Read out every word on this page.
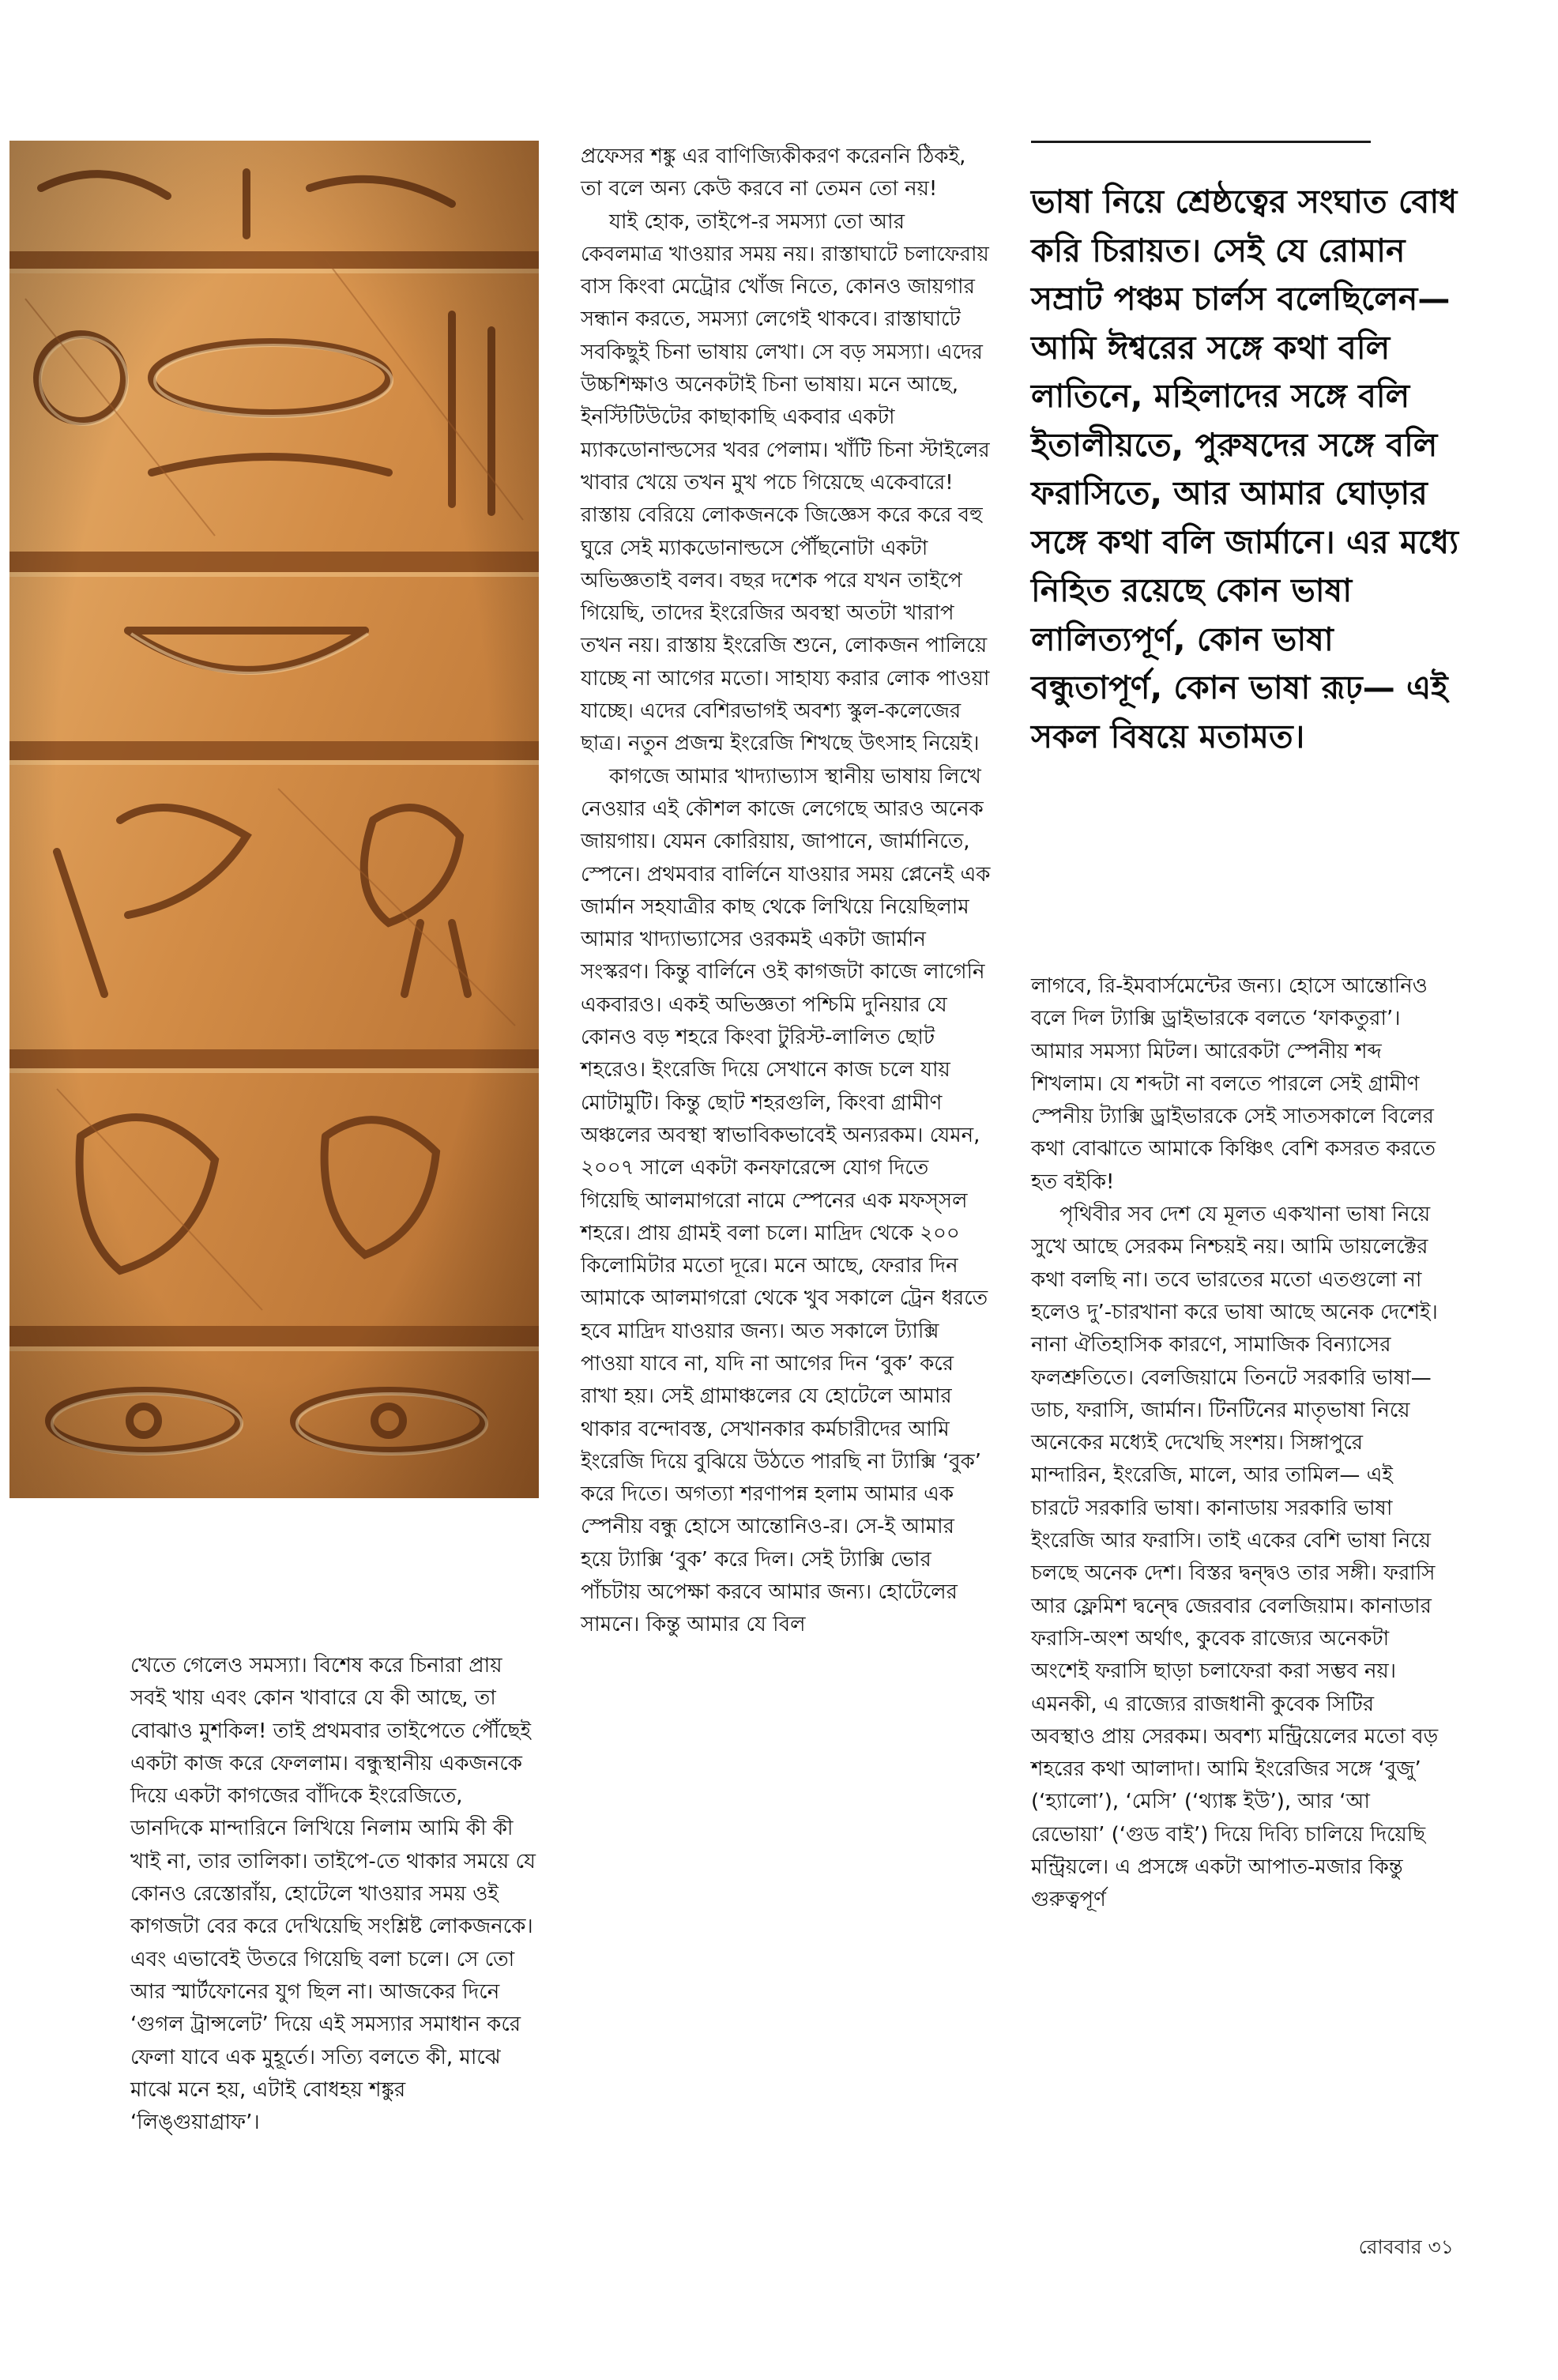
খেতে গেলেও সমস্যা। বিশেষ করে চিনারা প্রায় সবই খায় এবং কোন খাবারে যে কী আছে, তা বোঝাও মুশকিল! তাই প্রথমবার তাইপেতে পৌঁছেই একটা কাজ করে ফেললাম। বন্ধুস্থানীয় একজনকে দিয়ে একটা কাগজের বাঁদিকে ইংরেজিতে, ডানদিকে মান্দারিনে লিখিয়ে নিলাম আমি কী কী খাই না, তার তালিকা। তাইপে-তে থাকার সময়ে যে কোনও রেস্তোরাঁয়, হোটেলে খাওয়ার সময় ওই কাগজটা বের করে দেখিয়েছি সংশ্লিষ্ট লোকজনকে। এবং এভাবেই উতরে গিয়েছি বলা চলে। সে তো আর স্মার্টফোনের যুগ ছিল না। আজকের দিনে ‘গুগল ট্রান্সলেট’ দিয়ে এই সমস্যার সমাধান করে ফেলা যাবে এক মুহূর্তে। সত্যি বলতে কী, মাঝে মাঝে মনে হয়, এটাই বোধহয় শঙ্কুর ‘লিঙ্গুয়াগ্রাফ’।

প্রফেসর শঙ্কু এর বাণিজ্যিকীকরণ করেননি ঠিকই, তা বলে অন্য কেউ করবে না তেমন তো নয়!

যাই হোক, তাইপে-র সমস্যা তো আর কেবলমাত্র খাওয়ার সময় নয়। রাস্তাঘাটে চলাফেরায় বাস কিংবা মেট্রোর খোঁজ নিতে, কোনও জায়গার সন্ধান করতে, সমস্যা লেগেই থাকবে। রাস্তাঘাটে সবকিছুই চিনা ভাষায় লেখা। সে বড় সমস্যা। এদের উচ্চশিক্ষাও অনেকটাই চিনা ভাষায়। মনে আছে, ইনস্টিটিউটের কাছাকাছি একবার একটা ম্যাকডোনাল্ডসের খবর পেলাম। খাঁটি চিনা স্টাইলের খাবার খেয়ে তখন মুখ পচে গিয়েছে একেবারে! রাস্তায় বেরিয়ে লোকজনকে জিজ্ঞেস করে করে বহু ঘুরে সেই ম্যাকডোনাল্ডসে পৌঁছনোটা একটা অভিজ্ঞতাই বলব। বছর দশেক পরে যখন তাইপে গিয়েছি, তাদের ইংরেজির অবস্থা অতটা খারাপ তখন নয়। রাস্তায় ইংরেজি শুনে, লোকজন পালিয়ে যাচ্ছে না আগের মতো। সাহায্য করার লোক পাওয়া যাচ্ছে। এদের বেশিরভাগই অবশ্য স্কুল-কলেজের ছাত্র। নতুন প্রজন্ম ইংরেজি শিখছে উৎসাহ নিয়েই।

কাগজে আমার খাদ্যাভ্যাস স্থানীয় ভাষায় লিখে নেওয়ার এই কৌশল কাজে লেগেছে আরও অনেক জায়গায়। যেমন কোরিয়ায়, জাপানে, জার্মানিতে, স্পেনে। প্রথমবার বার্লিনে যাওয়ার সময় প্লেনেই এক জার্মান সহযাত্রীর কাছ থেকে লিখিয়ে নিয়েছিলাম আমার খাদ্যাভ্যাসের ওরকমই একটা জার্মান সংস্করণ। কিন্তু বার্লিনে ওই কাগজটা কাজে লাগেনি একবারও। একই অভিজ্ঞতা পশ্চিমি দুনিয়ার যে কোনও বড় শহরে কিংবা টুরিস্ট-লালিত ছোট শহরেও। ইংরেজি দিয়ে সেখানে কাজ চলে যায় মোটামুটি। কিন্তু ছোট শহরগুলি, কিংবা গ্রামীণ অঞ্চলের অবস্থা স্বাভাবিকভাবেই অন্যরকম। যেমন, ২০০৭ সালে একটা কনফারেন্সে যোগ দিতে গিয়েছি আলমাগরো নামে স্পেনের এক মফস্সল শহরে। প্রায় গ্রামই বলা চলে। মাদ্রিদ থেকে ২০০ কিলোমিটার মতো দূরে। মনে আছে, ফেরার দিন আমাকে আলমাগরো থেকে খুব সকালে ট্রেন ধরতে হবে মাদ্রিদ যাওয়ার জন্য। অত সকালে ট্যাক্সি পাওয়া যাবে না, যদি না আগের দিন ‘বুক’ করে রাখা হয়। সেই গ্রামাঞ্চলের যে হোটেলে আমার থাকার বন্দোবস্ত, সেখানকার কর্মচারীদের আমি ইংরেজি দিয়ে বুঝিয়ে উঠতে পারছি না ট্যাক্সি ‘বুক’ করে দিতে। অগত্যা শরণাপন্ন হলাম আমার এক স্পেনীয় বন্ধু হোসে আন্তোনিও-র। সে-ই আমার হয়ে ট্যাক্সি ‘বুক’ করে দিল। সেই ট্যাক্সি ভোর পাঁচটায় অপেক্ষা করবে আমার জন্য। হোটেলের সামনে। কিন্তু আমার যে বিল

ভাষা নিয়ে শ্রেষ্ঠত্বের সংঘাত বোধ করি চিরায়ত। সেই যে রোমান সম্রাট পঞ্চম চার্লস বলেছিলেন— আমি ঈশ্বরের সঙ্গে কথা বলি লাতিনে, মহিলাদের সঙ্গে বলি ইতালীয়তে, পুরুষদের সঙ্গে বলি ফরাসিতে, আর আমার ঘোড়ার সঙ্গে কথা বলি জার্মানে। এর মধ্যে নিহিত রয়েছে কোন ভাষা লালিত্যপূর্ণ, কোন ভাষা বন্ধুতাপূর্ণ, কোন ভাষা রূঢ়— এই সকল বিষয়ে মতামত।

লাগবে, রি-ইমবার্সমেন্টের জন্য। হোসে আন্তোনিও বলে দিল ট্যাক্সি ড্রাইভারকে বলতে ‘ফাকতুরা’। আমার সমস্যা মিটল। আরেকটা স্পেনীয় শব্দ শিখলাম। যে শব্দটা না বলতে পারলে সেই গ্রামীণ স্পেনীয় ট্যাক্সি ড্রাইভারকে সেই সাতসকালে বিলের কথা বোঝাতে আমাকে কিঞ্চিৎ বেশি কসরত করতে হত বইকি!

পৃথিবীর সব দেশ যে মূলত একখানা ভাষা নিয়ে সুখে আছে সেরকম নিশ্চয়ই নয়। আমি ডায়লেক্টের কথা বলছি না। তবে ভারতের মতো এতগুলো না হলেও দু’-চারখানা করে ভাষা আছে অনেক দেশেই। নানা ঐতিহাসিক কারণে, সামাজিক বিন্যাসের ফলশ্রুতিতে। বেলজিয়ামে তিনটে সরকারি ভাষা— ডাচ, ফরাসি, জার্মান। টিনটিনের মাতৃভাষা নিয়ে অনেকের মধ্যেই দেখেছি সংশয়। সিঙ্গাপুরে মান্দারিন, ইংরেজি, মালে, আর তামিল— এই চারটে সরকারি ভাষা। কানাডায় সরকারি ভাষা ইংরেজি আর ফরাসি। তাই একের বেশি ভাষা নিয়ে চলছে অনেক দেশ। বিস্তর দ্বন্দ্বও তার সঙ্গী। ফরাসি আর ফ্লেমিশ দ্বন্দ্বে জেরবার বেলজিয়াম। কানাডার ফরাসি-অংশ অর্থাৎ, কুবেক রাজ্যের অনেকটা অংশেই ফরাসি ছাড়া চলাফেরা করা সম্ভব নয়। এমনকী, এ রাজ্যের রাজধানী কুবেক সিটির অবস্থাও প্রায় সেরকম। অবশ্য মন্ট্রিয়েলের মতো বড় শহরের কথা আলাদা। আমি ইংরেজির সঙ্গে ‘বুজু’ (‘হ্যালো’), ‘মেসি’ (‘থ্যাঙ্ক ইউ’), আর ‘আ রেভোয়া’ (‘গুড বাই’) দিয়ে দিব্যি চালিয়ে দিয়েছি মন্ট্রিয়লে। এ প্রসঙ্গে একটা আপাত-মজার কিন্তু গুরুত্বপূর্ণ

রোববার ৩১
